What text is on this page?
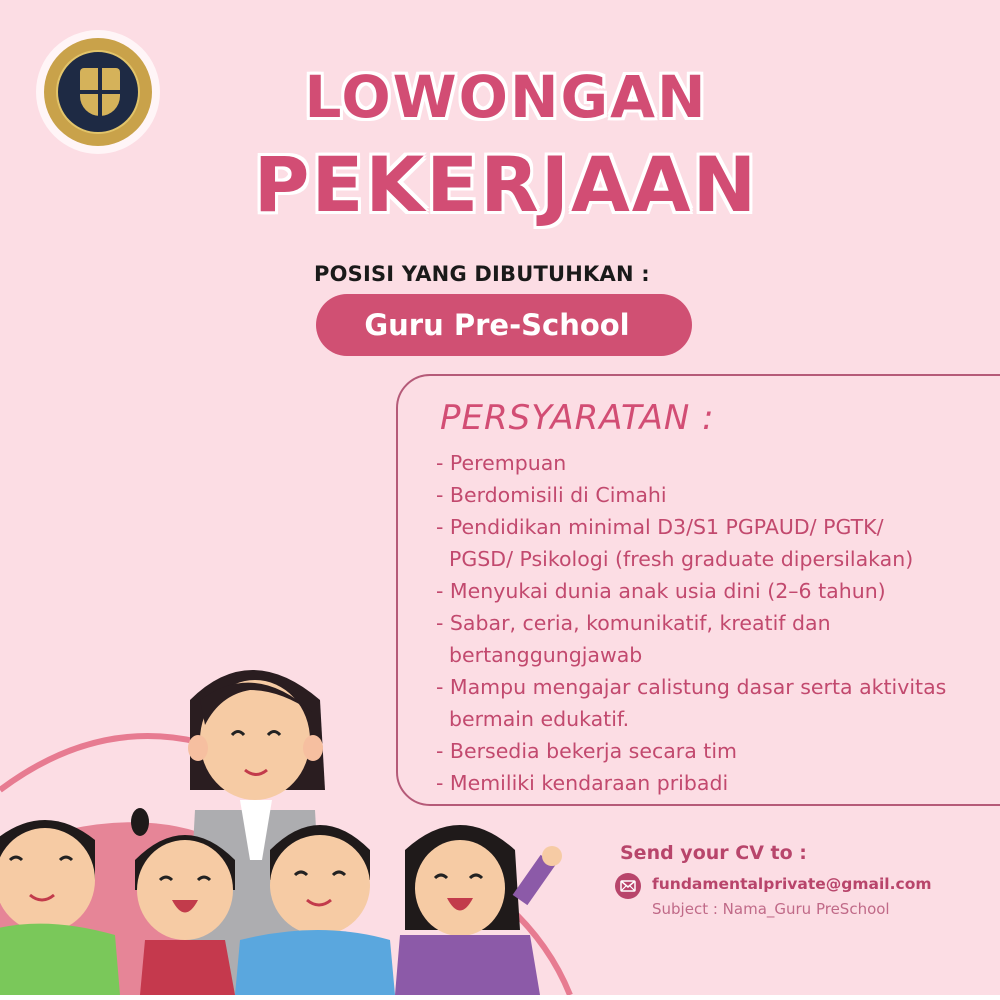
LOWONGAN
PEKERJAAN
POSISI YANG DIBUTUHKAN :
Guru Pre-School
PERSYARATAN :
- Perempuan
- Berdomisili di Cimahi
- Pendidikan minimal D3/S1 PGPAUD/ PGTK/
PGSD/ Psikologi (fresh graduate dipersilakan)
- Menyukai dunia anak usia dini (2–6 tahun)
- Sabar, ceria, komunikatif, kreatif dan
bertanggungjawab
- Mampu mengajar calistung dasar serta aktivitas
bermain edukatif.
- Bersedia bekerja secara tim
- Memiliki kendaraan pribadi
Send your CV to :
fundamentalprivate@gmail.com
Subject : Nama_Guru PreSchool
